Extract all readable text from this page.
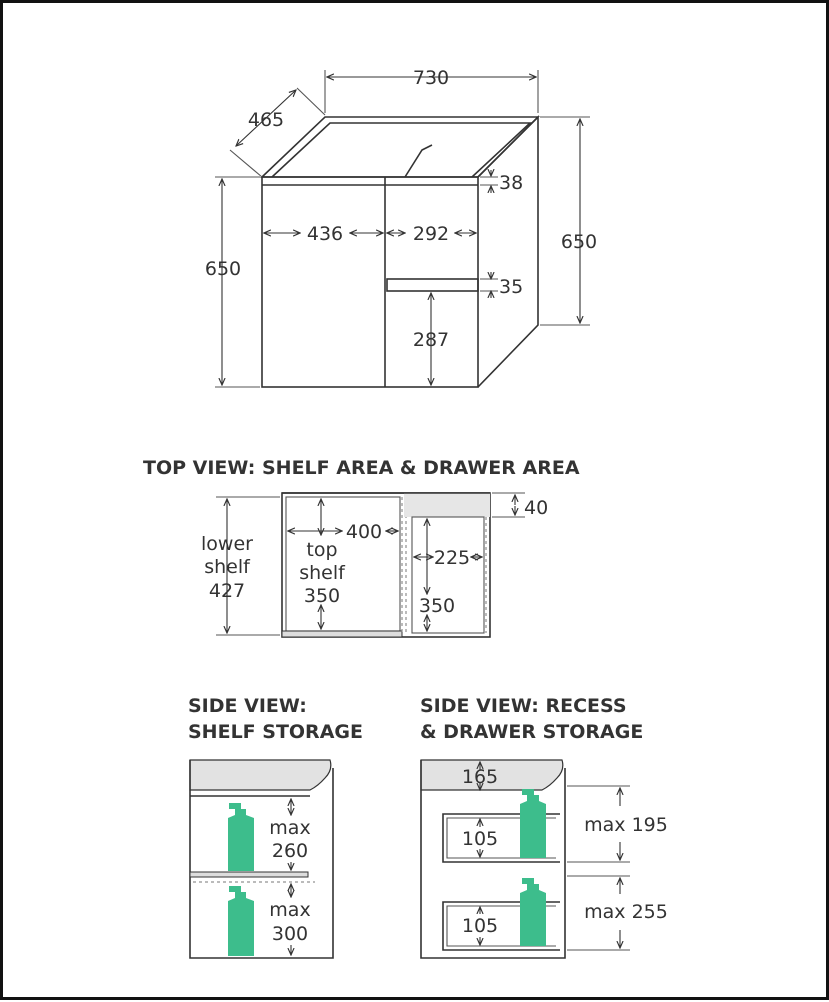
730
465
650
650
436	292
38
35
287
TOP VIEW: SHELF AREA & DRAWER AREA
lower
shelf
427
top
shelf
350
400
225
350
40
SIDE VIEW:
SHELF STORAGE
max
260
max
300
SIDE VIEW: RECESS
& DRAWER STORAGE
165
105
105
max 195
max 255
